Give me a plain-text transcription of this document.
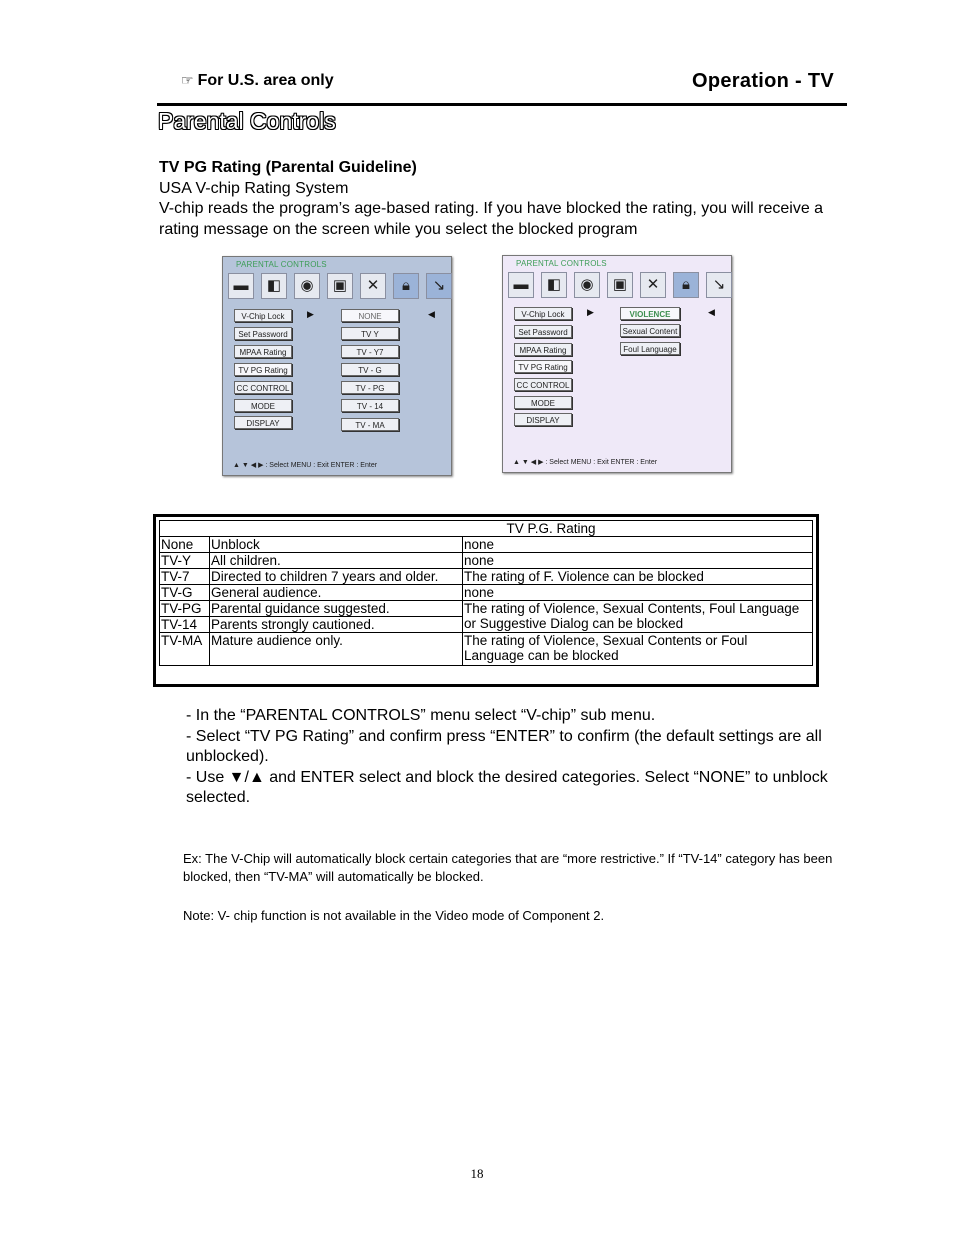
☞ For U.S. area only	Operation - TV
Parental Controls
TV PG Rating (Parental Guideline)
USA V-chip Rating System
V-chip reads the program’s age-based rating. If you have blocked the rating, you will receive a rating message on the screen while you select the blocked program
PARENTAL CONTROLS
▬	◧	◉	▣	✕	🔒︎	↘
V-Chip Lock
Set Password
MPAA Rating
TV PG Rating
CC CONTROL
MODE
DISPLAY
▶	NONE
TV Y
TV - Y7
TV - G
TV - PG
TV - 14
TV - MA
◀
▲ ▼ ◀ ▶ : Select MENU : Exit ENTER : Enter
PARENTAL CONTROLS
▬	◧	◉	▣	✕	🔒︎	↘
V-Chip Lock
Set Password
MPAA Rating
TV PG Rating
CC CONTROL
MODE
DISPLAY
▶	VIOLENCE
Sexual Content
Foul Language
◀
▲ ▼ ◀ ▶ : Select MENU : Exit ENTER : Enter
TV P.G. Rating		
None	Unblock	none
TV-Y	All children.	none
TV-7	Directed to children 7 years and older.	The rating of F. Violence can be blocked
TV-G	General audience.	none
TV-PG	Parental guidance suggested.	The rating of Violence, Sexual Contents, Foul Language or Suggestive Dialog can be blocked
TV-14	Parents strongly cautioned.	
TV-MA	Mature audience only.	The rating of Violence, Sexual Contents or Foul Language can be blocked

- In the “PARENTAL CONTROLS” menu select “V-chip” sub menu.

- Select “TV PG Rating” and confirm press “ENTER” to confirm (the default settings are all unblocked).

- Use ▼/▲ and ENTER select and block the desired categories. Select “NONE” to unblock selected.

Ex: The V-Chip will automatically block certain categories that are “more restrictive.” If “TV-14” category has been blocked, then “TV-MA” will automatically be blocked.
Note: V- chip function is not available in the Video mode of Component 2.
18
